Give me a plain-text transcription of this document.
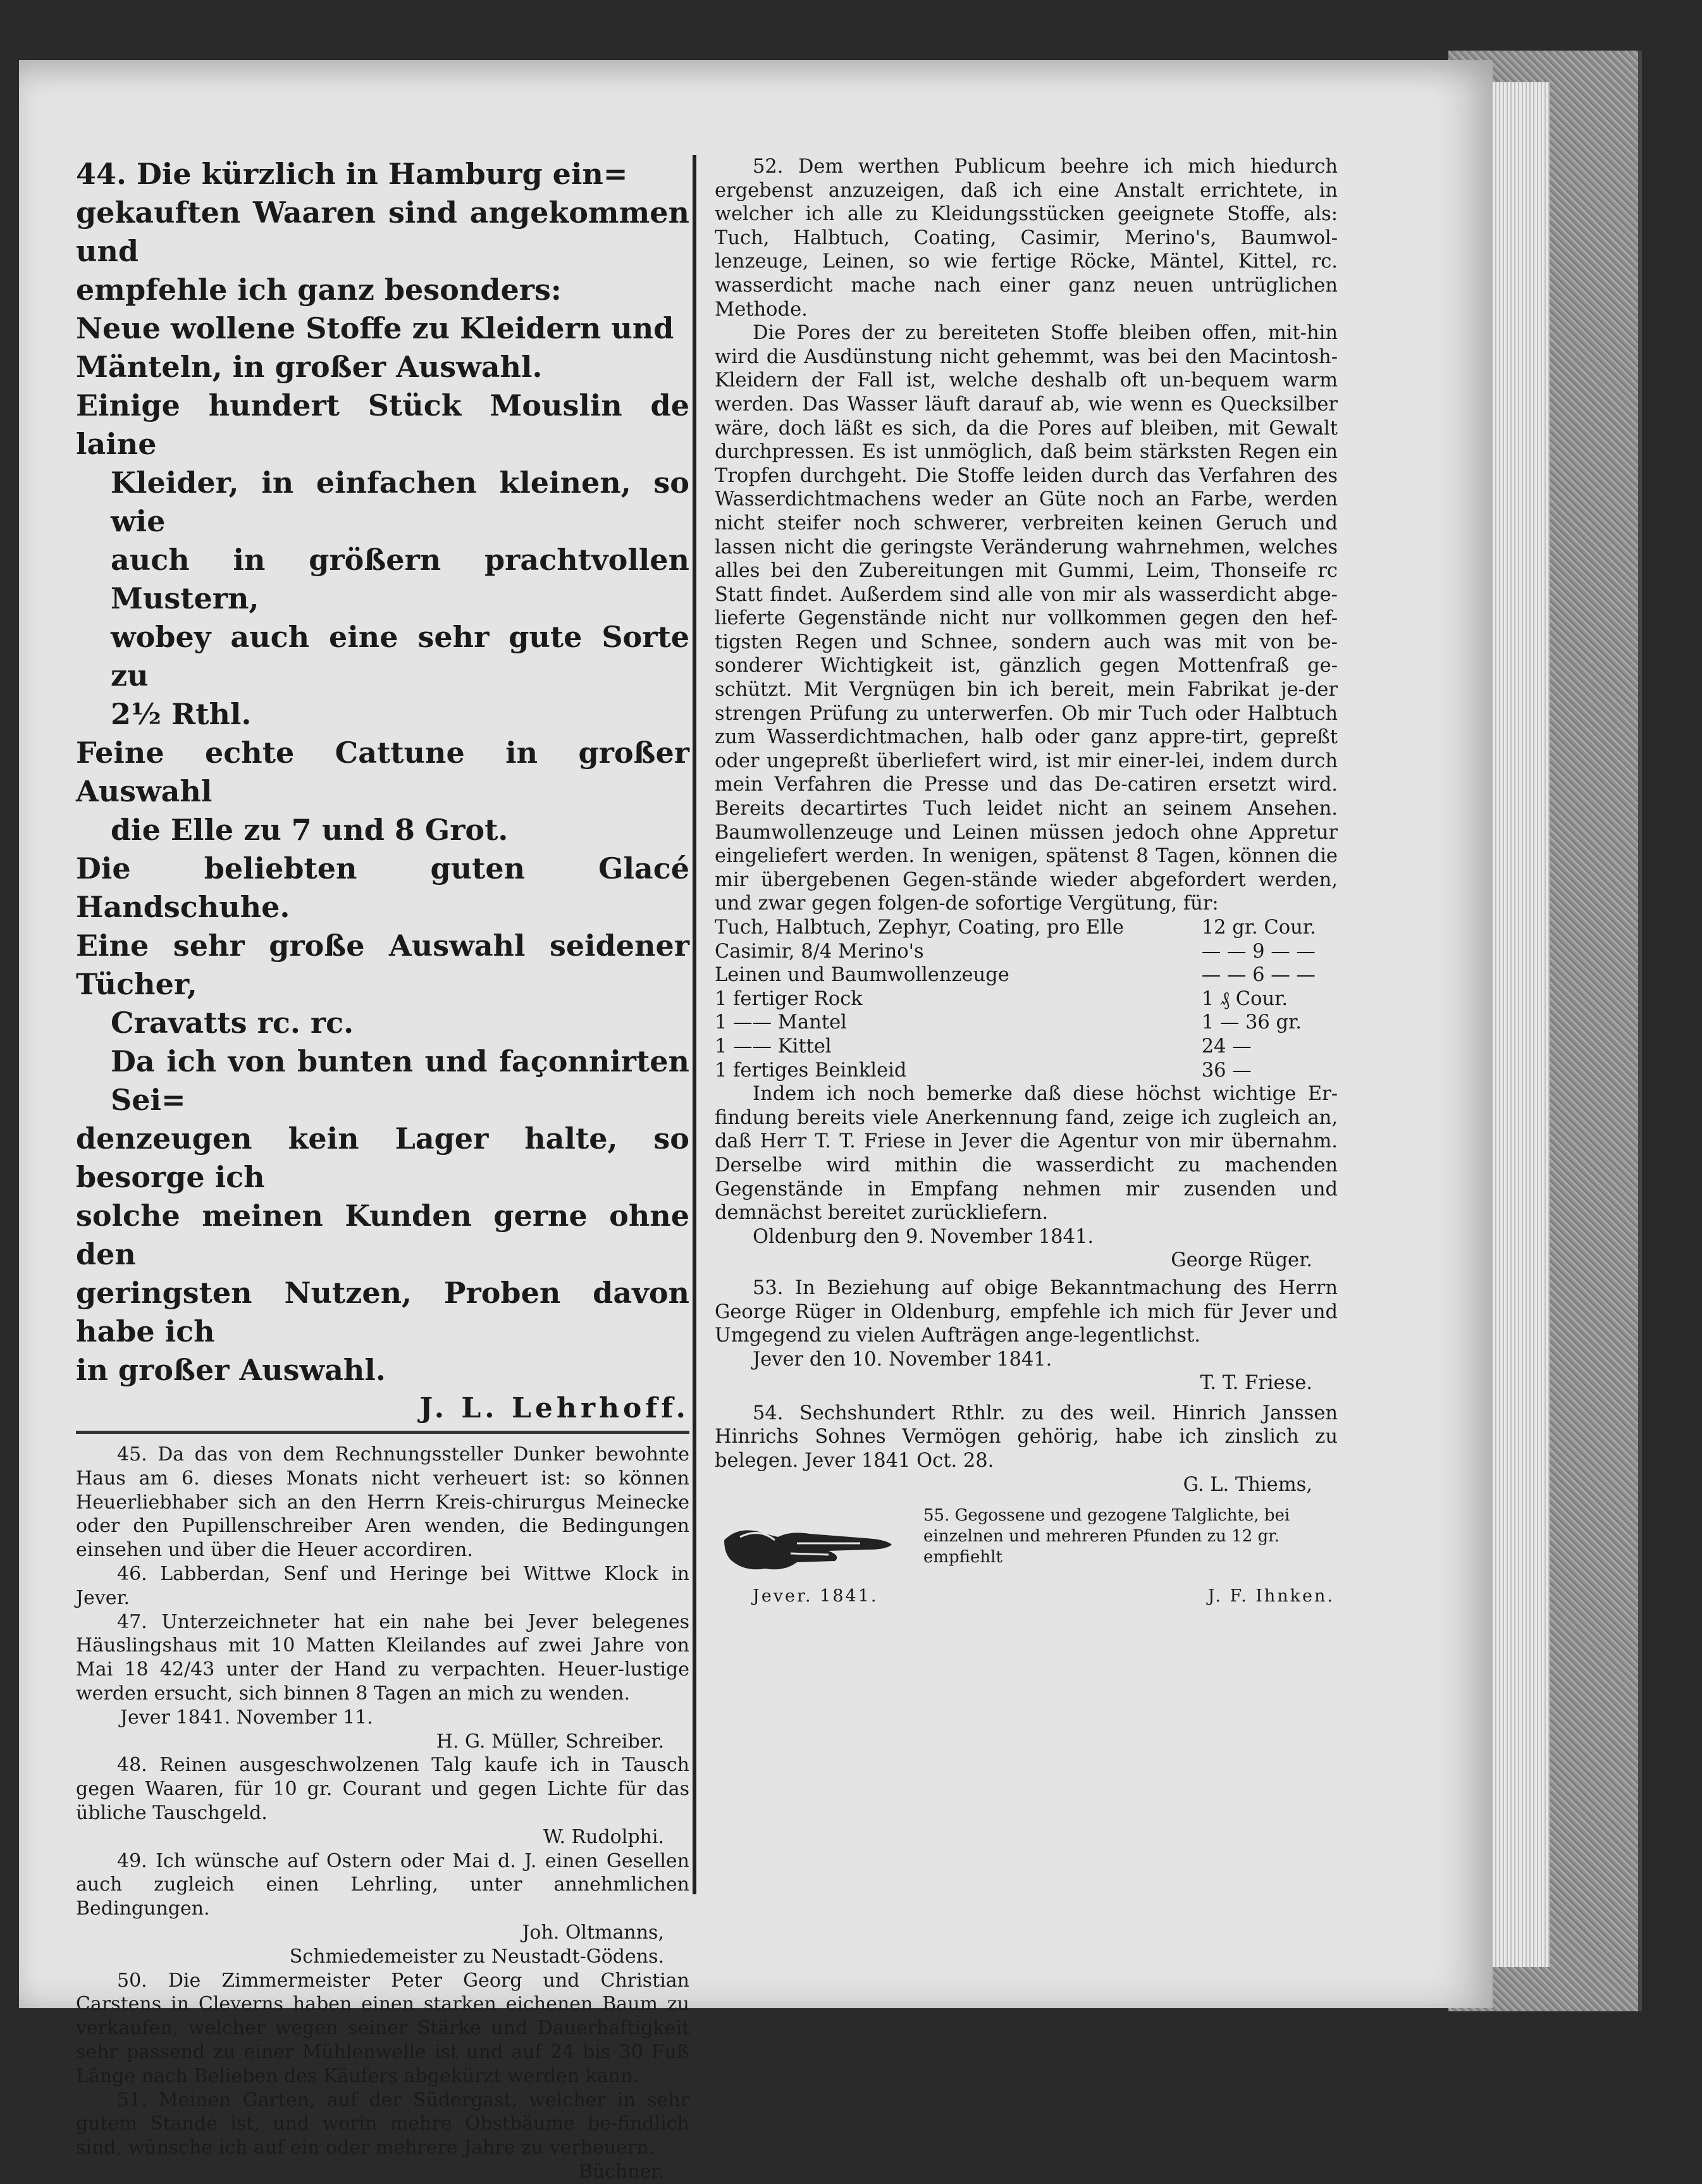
44. Die kürzlich in Hamburg ein=
gekauften Waaren sind angekommen und
empfehle ich ganz besonders:
Neue wollene Stoffe zu Kleidern und
Mänteln, in großer Auswahl.
Einige hundert Stück Mouslin de laine
Kleider, in einfachen kleinen, so wie
auch in größern prachtvollen Mustern,
wobey auch eine sehr gute Sorte zu
2½ Rthl.
Feine echte Cattune in großer Auswahl
die Elle zu 7 und 8 Grot.
Die beliebten guten Glacé Handschuhe.
Eine sehr große Auswahl seidener Tücher,
Cravatts rc. rc.
Da ich von bunten und façonnirten Sei=
denzeugen kein Lager halte, so besorge ich
solche meinen Kunden gerne ohne den
geringsten Nutzen, Proben davon habe ich
in großer Auswahl.
J. L. Lehrhoff.

45. Da das von dem Rechnungssteller Dunker bewohnte Haus am 6. dieses Monats nicht verheuert ist: so können Heuerliebhaber sich an den Herrn Kreis-chirurgus Meinecke oder den Pupillenschreiber Aren wenden, die Bedingungen einsehen und über die Heuer accordiren.

46. Labberdan, Senf und Heringe bei Wittwe Klock in Jever.

47. Unterzeichneter hat ein nahe bei Jever belegenes Häuslingshaus mit 10 Matten Kleilandes auf zwei Jahre von Mai 18 42/43 unter der Hand zu verpachten. Heuer-lustige werden ersucht, sich binnen 8 Tagen an mich zu wenden.

Jever 1841. November 11.

H. G. Müller, Schreiber.

48. Reinen ausgeschwolzenen Talg kaufe ich in Tausch gegen Waaren, für 10 gr. Courant und gegen Lichte für das übliche Tauschgeld.

W. Rudolphi.

49. Ich wünsche auf Ostern oder Mai d. J. einen Gesellen auch zugleich einen Lehrling, unter annehmlichen Bedingungen.

Joh. Oltmanns,

Schmiedemeister zu Neustadt-Gödens.

50. Die Zimmermeister Peter Georg und Christian Carstens in Cleverns haben einen starken eichenen Baum zu verkaufen, welcher wegen seiner Stärke und Dauerhaftigkeit sehr passend zu einer Mühlenwelle ist und auf 24 bis 30 Fuß Länge nach Belieben des Käufers abgekürzt werden kann.

51. Meinen Garten, auf der Südergast, welcher in sehr gutem Stande ist, und worin mehre Obstbäume be-findlich sind, wünsche ich auf ein oder mehrere Jahre zu verheuern.

Büchner.

52. Dem werthen Publicum beehre ich mich hiedurch ergebenst anzuzeigen, daß ich eine Anstalt errichtete, in welcher ich alle zu Kleidungsstücken geeignete Stoffe, als: Tuch, Halbtuch, Coating, Casimir, Merino's, Baumwol-lenzeuge, Leinen, so wie fertige Röcke, Mäntel, Kittel, rc. wasserdicht mache nach einer ganz neuen untrüglichen Methode.

Die Pores der zu bereiteten Stoffe bleiben offen, mit-hin wird die Ausdünstung nicht gehemmt, was bei den Macintosh-Kleidern der Fall ist, welche deshalb oft un-bequem warm werden. Das Wasser läuft darauf ab, wie wenn es Quecksilber wäre, doch läßt es sich, da die Pores auf bleiben, mit Gewalt durchpressen. Es ist unmöglich, daß beim stärksten Regen ein Tropfen durchgeht. Die Stoffe leiden durch das Verfahren des Wasserdichtmachens weder an Güte noch an Farbe, werden nicht steifer noch schwerer, verbreiten keinen Geruch und lassen nicht die geringste Veränderung wahrnehmen, welches alles bei den Zubereitungen mit Gummi, Leim, Thonseife rc Statt findet. Außerdem sind alle von mir als wasserdicht abge-lieferte Gegenstände nicht nur vollkommen gegen den hef-tigsten Regen und Schnee, sondern auch was mit von be-sonderer Wichtigkeit ist, gänzlich gegen Mottenfraß ge-schützt. Mit Vergnügen bin ich bereit, mein Fabrikat je-der strengen Prüfung zu unterwerfen. Ob mir Tuch oder Halbtuch zum Wasserdichtmachen, halb oder ganz appre-tirt, gepreßt oder ungepreßt überliefert wird, ist mir einer-lei, indem durch mein Verfahren die Presse und das De-catiren ersetzt wird. Bereits decartirtes Tuch leidet nicht an seinem Ansehen. Baumwollenzeuge und Leinen müssen jedoch ohne Appretur eingeliefert werden. In wenigen, spätenst 8 Tagen, können die mir übergebenen Gegen-stände wieder abgefordert werden, und zwar gegen folgen-de sofortige Vergütung, für:

Tuch, Halbtuch, Zephyr, Coating, pro Elle	12 gr. Cour.
Casimir, 8/4 Merino's	— — 9 — —
Leinen und Baumwollenzeuge	— — 6 — —
1 fertiger Rock	1 ₰ Cour.
1 —— Mantel	1 — 36 gr.
1 —— Kittel	24 —
1 fertiges Beinkleid	36 —

Indem ich noch bemerke daß diese höchst wichtige Er-findung bereits viele Anerkennung fand, zeige ich zugleich an, daß Herr T. T. Friese in Jever die Agentur von mir übernahm. Derselbe wird mithin die wasserdicht zu machenden Gegenstände in Empfang nehmen mir zusenden und demnächst bereitet zurückliefern.

Oldenburg den 9. November 1841.

George Rüger.

53. In Beziehung auf obige Bekanntmachung des Herrn George Rüger in Oldenburg, empfehle ich mich für Jever und Umgegend zu vielen Aufträgen ange-legentlichst.

Jever den 10. November 1841.

T. T. Friese.

54. Sechshundert Rthlr. zu des weil. Hinrich Janssen Hinrichs Sohnes Vermögen gehörig, habe ich zinslich zu belegen. Jever 1841 Oct. 28.

G. L. Thiems,
55. Gegossene und gezogene Talglichte, bei einzelnen und mehreren Pfunden zu 12 gr. empfiehlt
Jever. 1841.	J. F. Ihnken.
